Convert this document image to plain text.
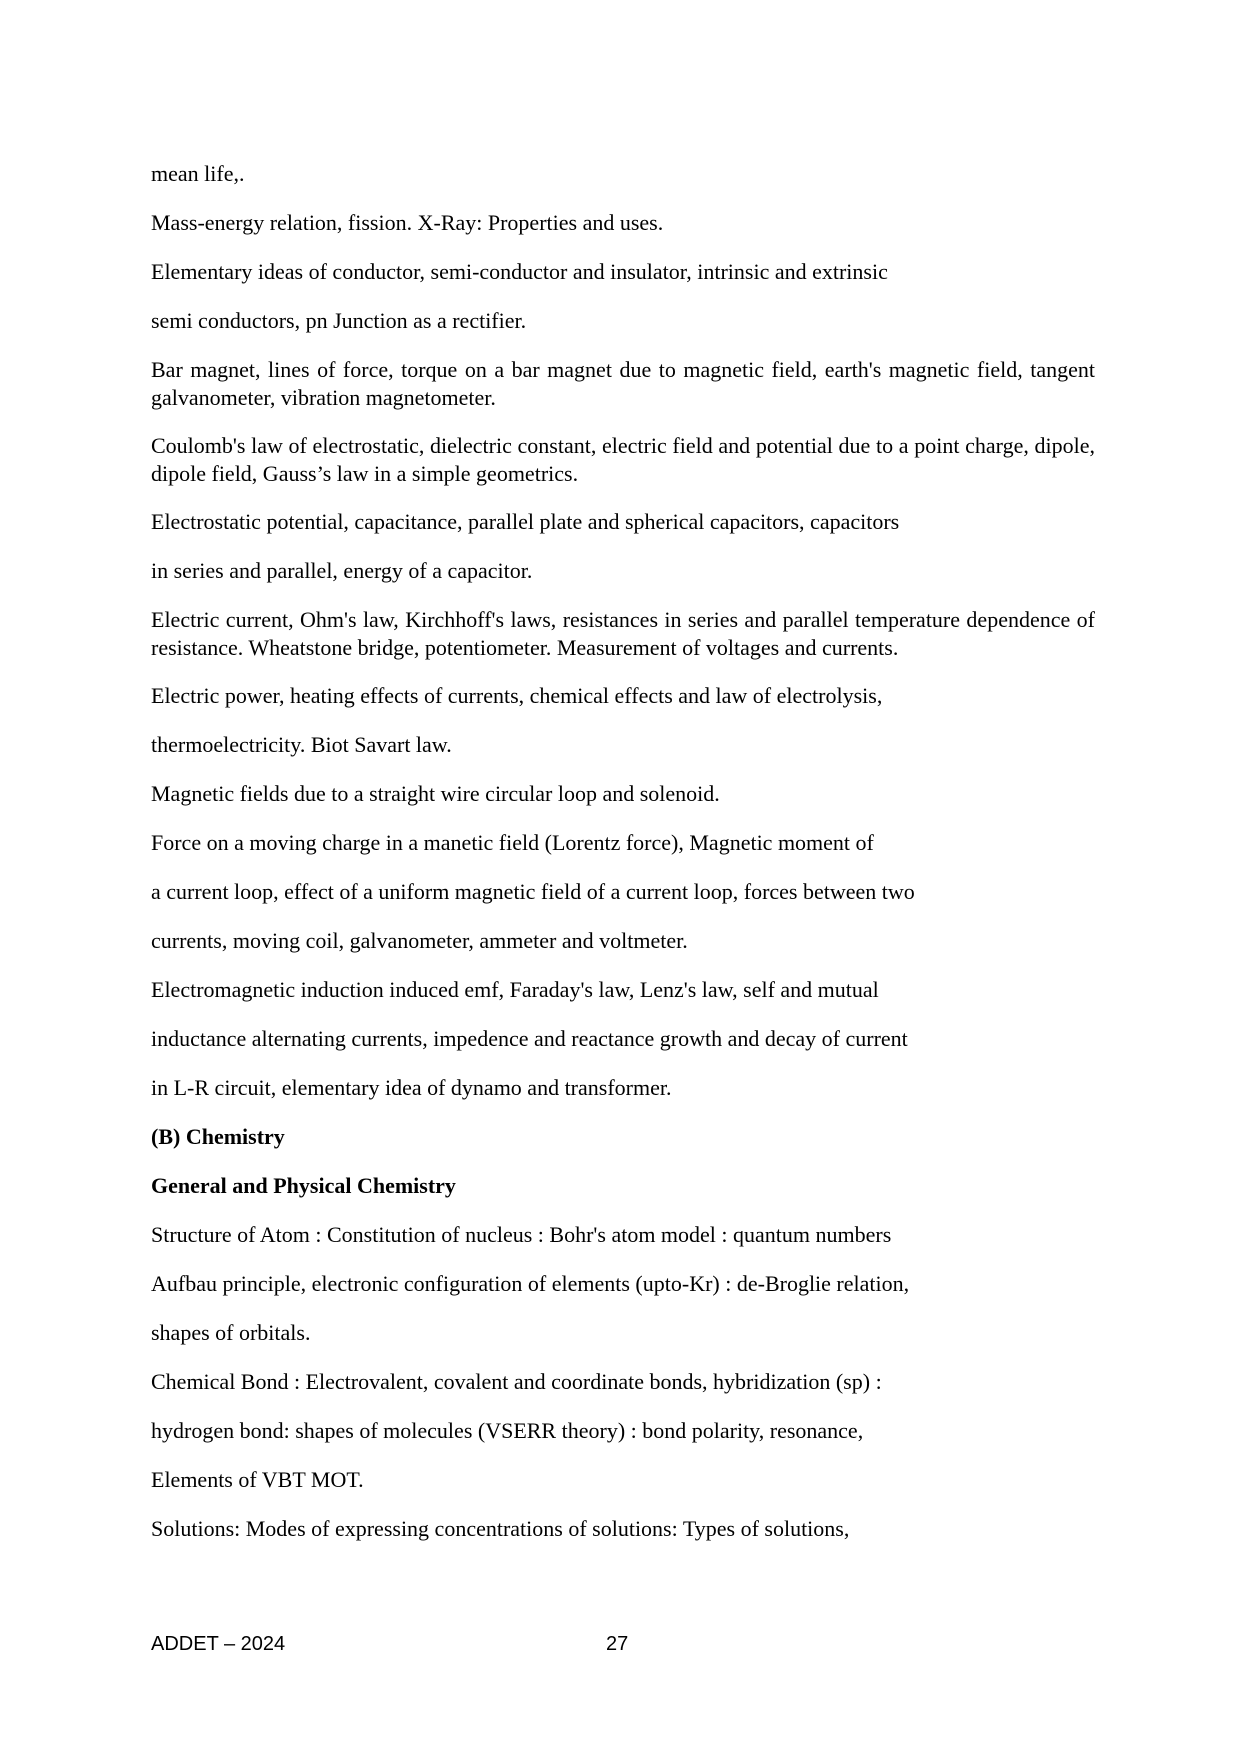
mean life,.
Mass-energy relation, fission. X-Ray: Properties and uses.
Elementary ideas of conductor, semi-conductor and insulator, intrinsic and extrinsic
semi conductors, pn Junction as a rectifier.
Bar magnet, lines of force, torque on a bar magnet due to magnetic field, earth's magnetic field, tangent galvanometer, vibration magnetometer.
Coulomb's law of electrostatic, dielectric constant, electric field and potential due to a point charge, dipole, dipole field, Gauss’s law in a simple geometrics.
Electrostatic potential, capacitance, parallel plate and spherical capacitors, capacitors
in series and parallel, energy of a capacitor.
Electric current, Ohm's law, Kirchhoff's laws, resistances in series and parallel temperature dependence of resistance. Wheatstone bridge, potentiometer. Measurement of voltages and currents.
Electric power, heating effects of currents, chemical effects and law of electrolysis,
thermoelectricity. Biot Savart law.
Magnetic fields due to a straight wire circular loop and solenoid.
Force on a moving charge in a manetic field (Lorentz force), Magnetic moment of
a current loop, effect of a uniform magnetic field of a current loop, forces between two
currents, moving coil, galvanometer, ammeter and voltmeter.
Electromagnetic induction induced emf, Faraday's law, Lenz's law, self and mutual
inductance alternating currents, impedence and reactance growth and decay of current
in L-R circuit, elementary idea of dynamo and transformer.
(B) Chemistry
General and Physical Chemistry
Structure of Atom : Constitution of nucleus : Bohr's atom model : quantum numbers
Aufbau principle, electronic configuration of elements (upto-Kr) : de-Broglie relation,
shapes of orbitals.
Chemical Bond : Electrovalent, covalent and coordinate bonds, hybridization (sp) :
hydrogen bond: shapes of molecules (VSERR theory) : bond polarity, resonance,
Elements of VBT MOT.
Solutions: Modes of expressing concentrations of solutions: Types of solutions,
ADDET – 2024	27
